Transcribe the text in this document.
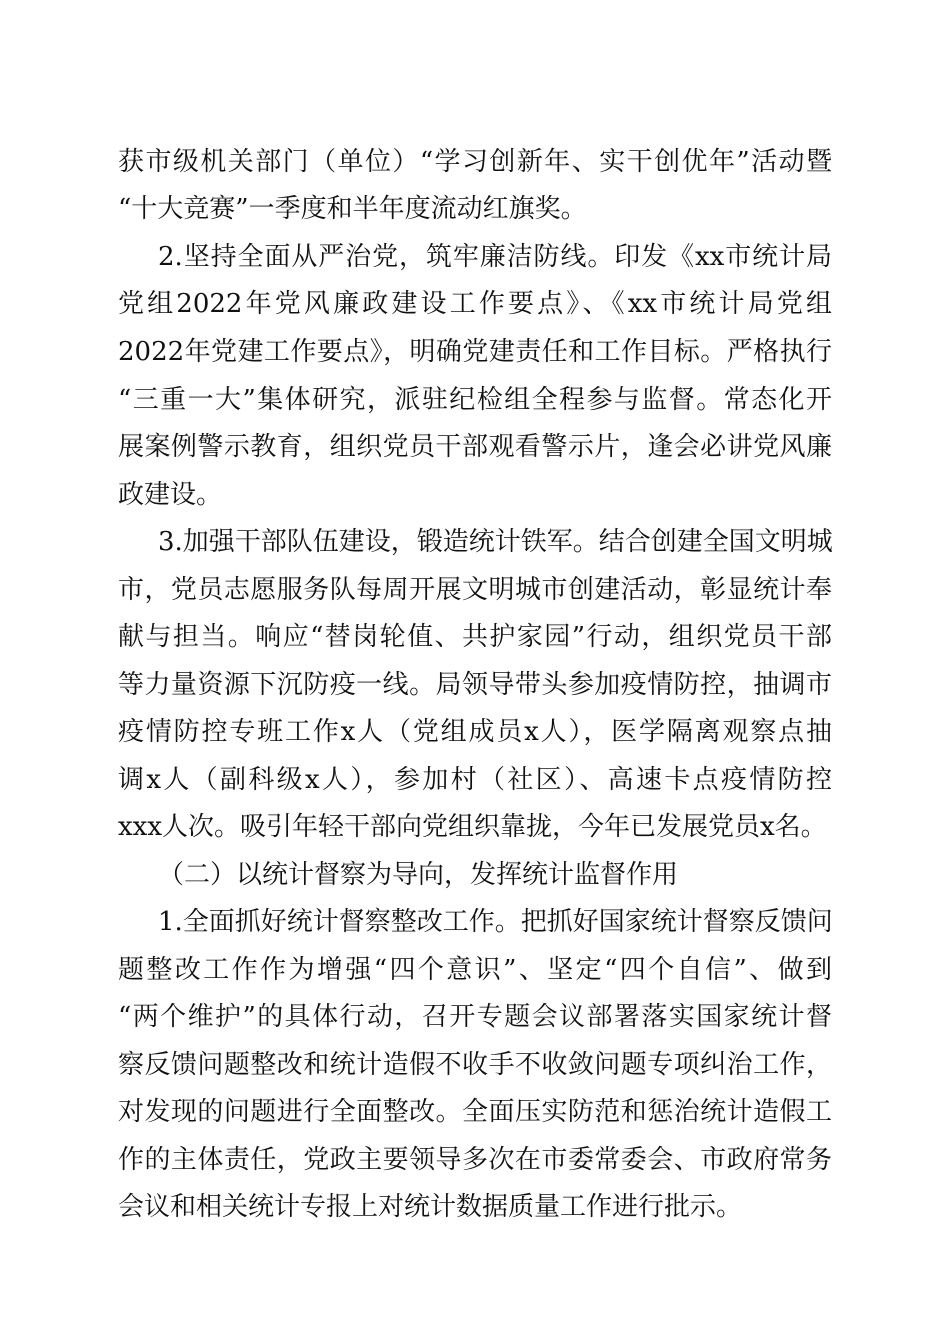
获市级机关部门（单位）“学习创新年、实干创优年”活动暨
“十大竞赛”一季度和半年度流动红旗奖。
2.坚持全面从严治党，筑牢廉洁防线。印发《xx市统计局
党组2022年党风廉政建设工作要点》、《xx市统计局党组
2022年党建工作要点》，明确党建责任和工作目标。严格执行
“三重一大”集体研究，派驻纪检组全程参与监督。常态化开
展案例警示教育，组织党员干部观看警示片，逢会必讲党风廉
政建设。
3.加强干部队伍建设，锻造统计铁军。结合创建全国文明城
市，党员志愿服务队每周开展文明城市创建活动，彰显统计奉
献与担当。响应“替岗轮值、共护家园”行动，组织党员干部
等力量资源下沉防疫一线。局领导带头参加疫情防控，抽调市
疫情防控专班工作x人（党组成员x人），医学隔离观察点抽
调x人（副科级x人），参加村（社区）、高速卡点疫情防控
xxx人次。吸引年轻干部向党组织靠拢，今年已发展党员x名。
（二）以统计督察为导向，发挥统计监督作用
1.全面抓好统计督察整改工作。把抓好国家统计督察反馈问
题整改工作作为增强“四个意识”、坚定“四个自信”、做到
“两个维护”的具体行动，召开专题会议部署落实国家统计督
察反馈问题整改和统计造假不收手不收敛问题专项纠治工作，
对发现的问题进行全面整改。全面压实防范和惩治统计造假工
作的主体责任，党政主要领导多次在市委常委会、市政府常务
会议和相关统计专报上对统计数据质量工作进行批示。
